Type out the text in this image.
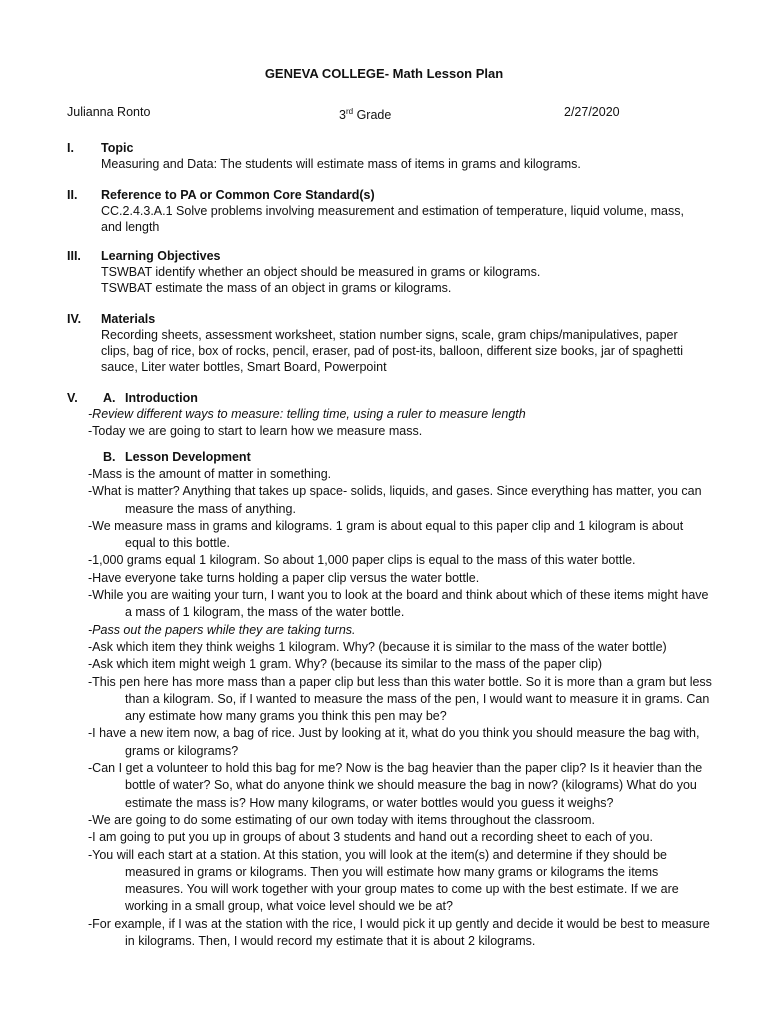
GENEVA COLLEGE- Math Lesson Plan
Julianna Ronto	3rd Grade	2/27/2020
I. Topic

Measuring and Data: The students will estimate mass of items in grams and kilograms.

II. Reference to PA or Common Core Standard(s)

CC.2.4.3.A.1 Solve problems involving measurement and estimation of temperature, liquid volume, mass, and length

III. Learning Objectives

TSWBAT identify whether an object should be measured in grams or kilograms.

TSWBAT estimate the mass of an object in grams or kilograms.

IV. Materials

Recording sheets, assessment worksheet, station number signs, scale, gram chips/manipulatives, paper clips, bag of rice, box of rocks, pencil, eraser, pad of post-its, balloon, different size books, jar of spaghetti sauce, Liter water bottles, Smart Board, Powerpoint

V. A. Introduction

-Review different ways to measure: telling time, using a ruler to measure length

-Today we are going to start to learn how we measure mass.

B. Lesson Development

-Mass is the amount of matter in something.

-What is matter? Anything that takes up space- solids, liquids, and gases. Since everything has matter, you can measure the mass of anything.

-We measure mass in grams and kilograms. 1 gram is about equal to this paper clip and 1 kilogram is about equal to this bottle.

-1,000 grams equal 1 kilogram. So about 1,000 paper clips is equal to the mass of this water bottle.

-Have everyone take turns holding a paper clip versus the water bottle.

-While you are waiting your turn, I want you to look at the board and think about which of these items might have a mass of 1 kilogram, the mass of the water bottle.

-Pass out the papers while they are taking turns.

-Ask which item they think weighs 1 kilogram. Why? (because it is similar to the mass of the water bottle)

-Ask which item might weigh 1 gram. Why? (because its similar to the mass of the paper clip)

-This pen here has more mass than a paper clip but less than this water bottle. So it is more than a gram but less than a kilogram. So, if I wanted to measure the mass of the pen, I would want to measure it in grams. Can any estimate how many grams you think this pen may be?

-I have a new item now, a bag of rice. Just by looking at it, what do you think you should measure the bag with, grams or kilograms?

-Can I get a volunteer to hold this bag for me? Now is the bag heavier than the paper clip? Is it heavier than the bottle of water? So, what do anyone think we should measure the bag in now? (kilograms) What do you estimate the mass is? How many kilograms, or water bottles would you guess it weighs?

-We are going to do some estimating of our own today with items throughout the classroom.

-I am going to put you up in groups of about 3 students and hand out a recording sheet to each of you.

-You will each start at a station. At this station, you will look at the item(s) and determine if they should be measured in grams or kilograms. Then you will estimate how many grams or kilograms the items measures. You will work together with your group mates to come up with the best estimate. If we are working in a small group, what voice level should we be at?

-For example, if I was at the station with the rice, I would pick it up gently and decide it would be best to measure in kilograms. Then, I would record my estimate that it is about 2 kilograms.
